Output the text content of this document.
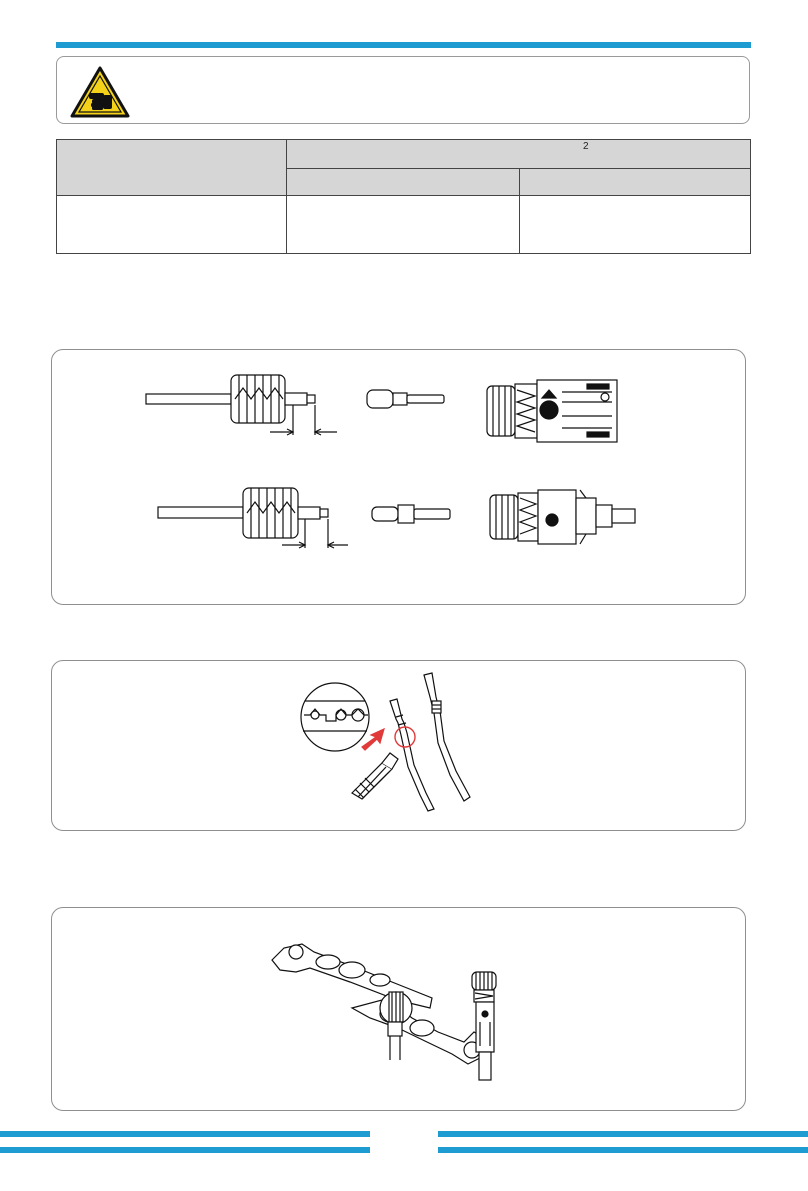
	2	
